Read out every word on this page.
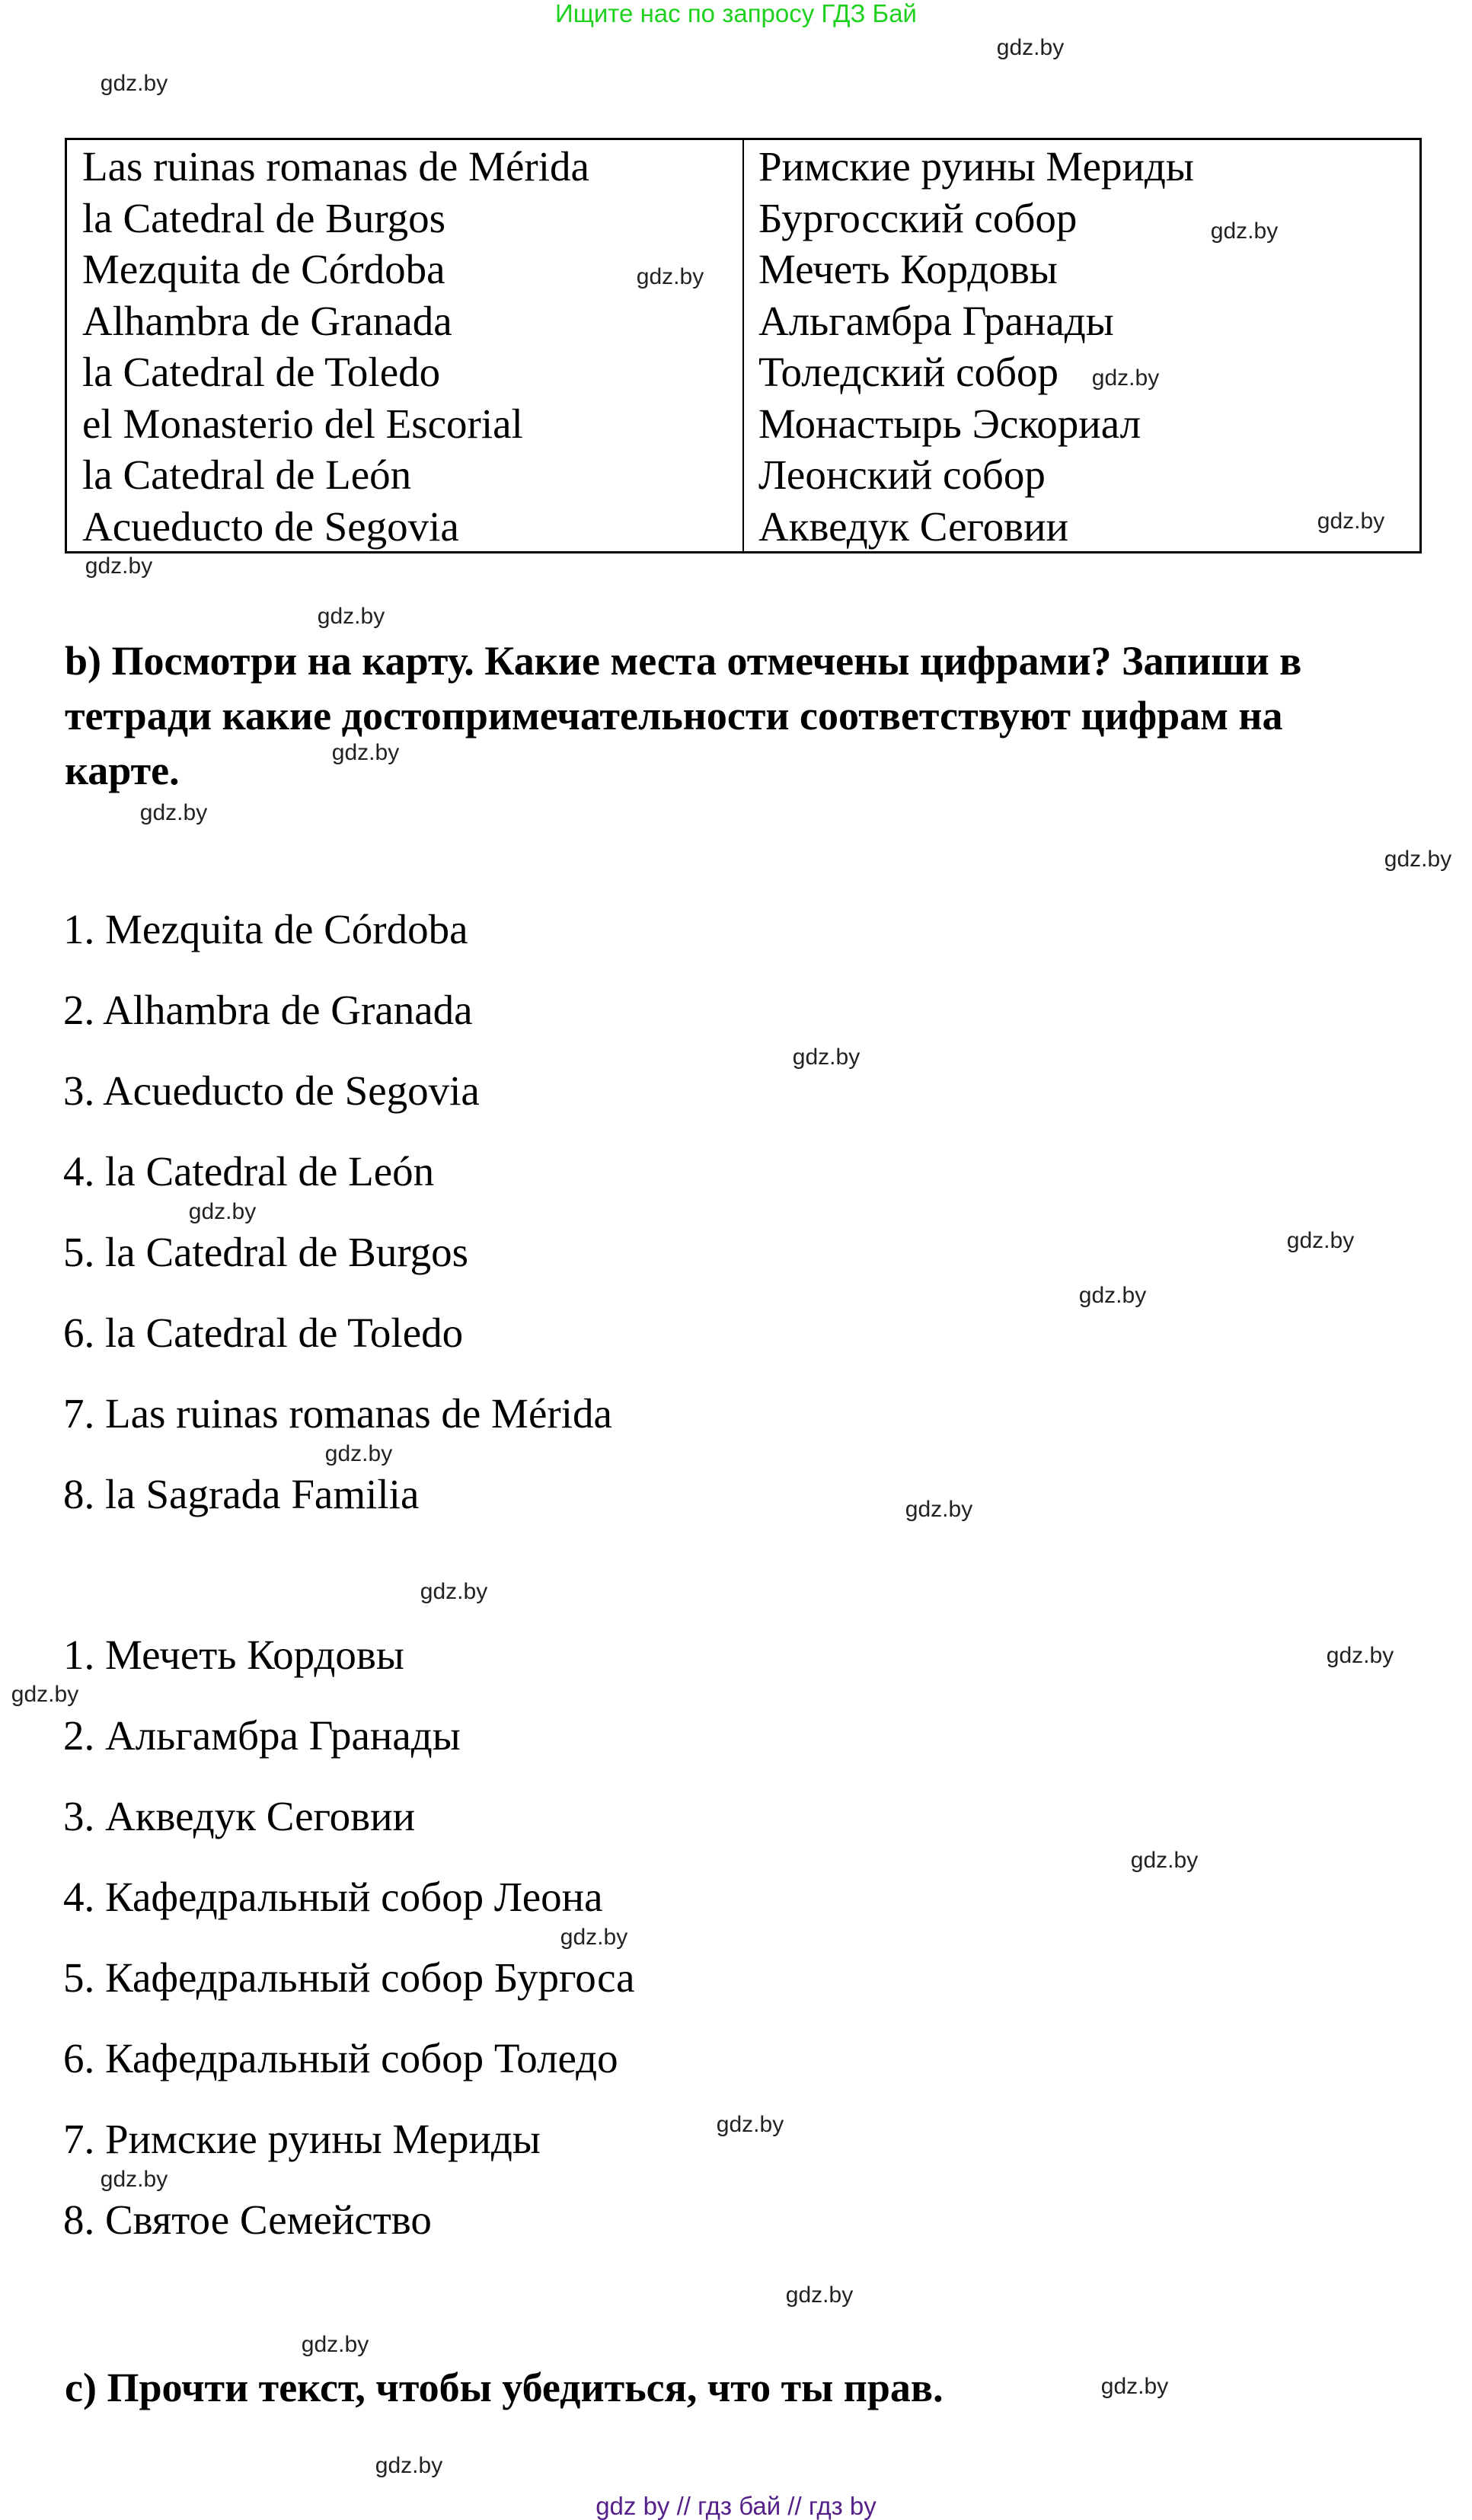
Ищите нас по запросу ГДЗ Бай
Las ruinas romanas de Mérida	Римские руины Мериды
la Catedral de Burgos	Бургосский собор
Mezquita de Córdoba	Мечеть Кордовы
Alhambra de Granada	Альгамбра Гранады
la Catedral de Toledo	Толедский собор
el Monasterio del Escorial	Монастырь Эскориал
la Catedral de León	Леонский собор
Acueducto de Segovia	Акведук Сеговии
b) Посмотри на карту. Какие места отмечены цифрами? Запиши в
тетради какие достопримечательности соответствуют цифрам на
карте.
1. Mezquita de Córdoba
2. Alhambra de Granada
3. Acueducto de Segovia
4. la Catedral de León
5. la Catedral de Burgos
6. la Catedral de Toledo
7. Las ruinas romanas de Mérida
8. la Sagrada Familia
1. Мечеть Кордовы
2. Альгамбра Гранады
3. Акведук Сеговии
4. Кафедральный собор Леона
5. Кафедральный собор Бургоса
6. Кафедральный собор Толедо
7. Римские руины Мериды
8. Святое Семейство
с) Прочти текст, чтобы убедиться, что ты прав.
gdz by // гдз бай // гдз by
gdz.by
gdz.by
gdz.by
gdz.by
gdz.by
gdz.by
gdz.by
gdz.by
gdz.by
gdz.by
gdz.by
gdz.by
gdz.by
gdz.by
gdz.by
gdz.by
gdz.by
gdz.by
gdz.by
gdz.by
gdz.by
gdz.by
gdz.by
gdz.by
gdz.by
gdz.by
gdz.by
gdz.by
